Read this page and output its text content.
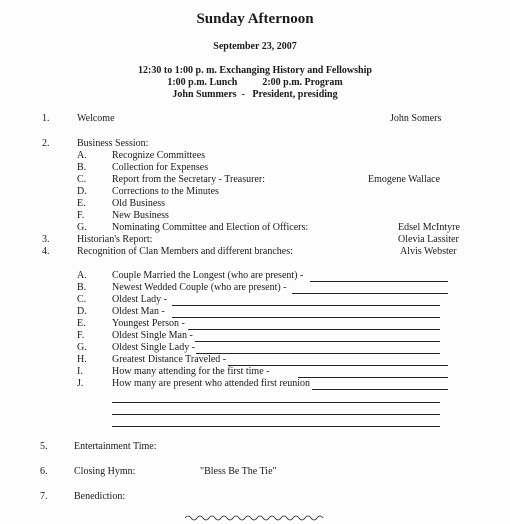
Sunday Afternoon
September 23, 2007
12:30 to 1:00 p. m. Exchanging History and Fellowship
1:00 p.m. Lunch          2:00 p.m. Program
John Summers  -   President, presiding
1.	Welcome	John Somers
2.	Business Session:
A.	Recognize Committees
B.	Collection for Expenses
C.	Report from the Secretary - Treasurer:	Emogene Wallace
D.	Corrections to the Minutes
E.	Old Business
F.	New Business
G.	Nominating Committee and Election of Officers:	Edsel McIntyre
3.	Historian's Report:	Olevia Lassiter
4.	Recognition of Clan Members and different branches:	Alvis Webster
A.	Couple Married the Longest (who are present) -
B.	Newest Wedded Couple (who are present) -
C.	Oldest Lady -
D.	Oldest Man -
E.	Youngest Person -
F.	Oldest Single Man -
G.	Oldest Single Lady -
H.	Greatest Distance Traveled -
I.	How many attending for the first time -
J.	How many are present who attended first reunion
5.	Entertainment Time:
6.	Closing Hymn:	"Bless Be The Tie"
7.	Benediction:
